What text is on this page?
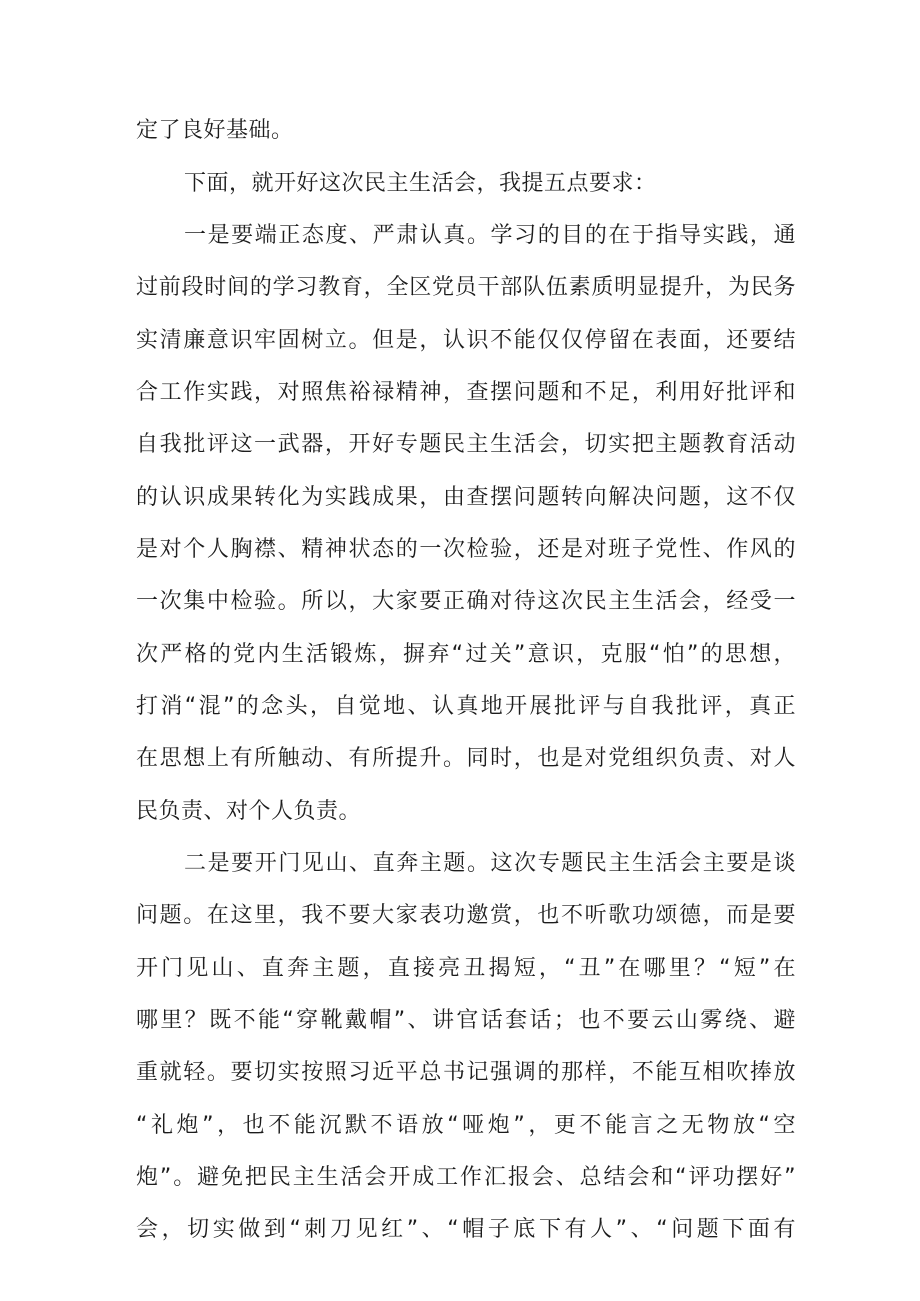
定了良好基础。
下面，就开好这次民主生活会，我提五点要求：
一是要端正态度、严肃认真。学习的目的在于指导实践，通
过前段时间的学习教育，全区党员干部队伍素质明显提升，为民务
实清廉意识牢固树立。但是，认识不能仅仅停留在表面，还要结
合工作实践，对照焦裕禄精神，查摆问题和不足，利用好批评和
自我批评这一武器，开好专题民主生活会，切实把主题教育活动
的认识成果转化为实践成果，由查摆问题转向解决问题，这不仅
是对个人胸襟、精神状态的一次检验，还是对班子党性、作风的
一次集中检验。所以，大家要正确对待这次民主生活会，经受一
次严格的党内生活锻炼，摒弃“过关”意识，克服“怕”的思想，
打消“混”的念头，自觉地、认真地开展批评与自我批评，真正
在思想上有所触动、有所提升。同时，也是对党组织负责、对人
民负责、对个人负责。
二是要开门见山、直奔主题。这次专题民主生活会主要是谈
问题。在这里，我不要大家表功邀赏，也不听歌功颂德，而是要
开门见山、直奔主题，直接亮丑揭短，“丑”在哪里？“短”在
哪里？既不能“穿靴戴帽”、讲官话套话；也不要云山雾绕、避
重就轻。要切实按照习近平总书记强调的那样，不能互相吹捧放
“礼炮”，也不能沉默不语放“哑炮”，更不能言之无物放“空
炮”。避免把民主生活会开成工作汇报会、总结会和“评功摆好”
会，切实做到“刺刀见红”、“帽子底下有人”、“问题下面有
